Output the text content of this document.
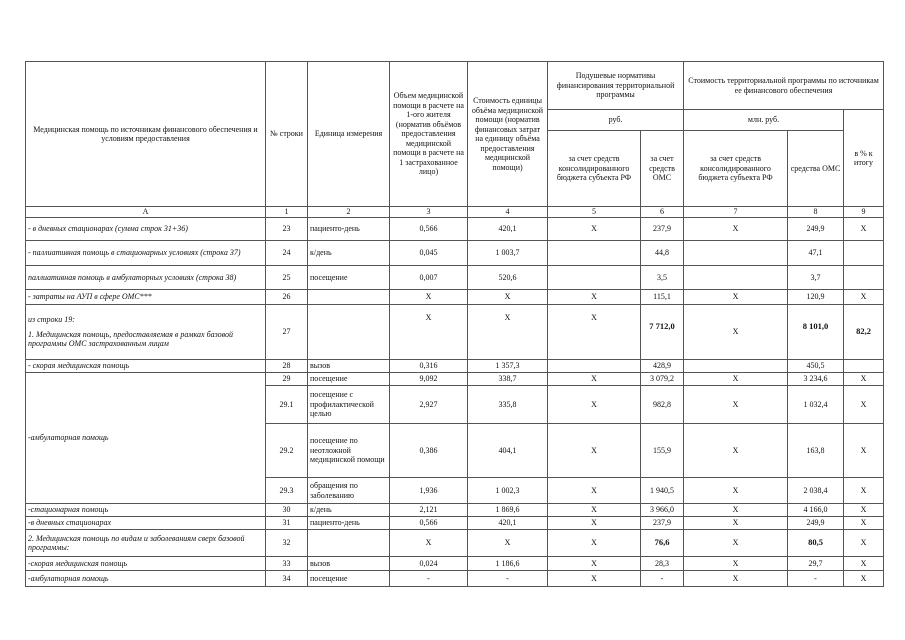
Медицинская помощь по источникам финансового обеспечения и условиям предоставления	№ строки	Единица измерения	Объем медицинской помощи в расчете на 1-ого жителя (норматив объёмов предоставления медицинской помощи в расчете на 1 застрахованное лицо)	Стоимость единицы объёма медицинской помощи (норматив финансовых затрат на единицу объёма предоставления медицинской помощи)	Подушевые нормативы финансирования территориальной программы		Стоимость территориальной программы по источникам ее финансового обеспечения		
					руб.		млн. руб.		в % к итогу
					за счет средств консолидированного бюджета субъекта РФ	за счет средств ОМС	за счет средств консолидированного бюджета субъекта РФ	средства ОМС	
А	1	2	3	4	5	6	7	8	9
- в дневных стационарах (сумма строк 31+36)	23	пациенто-день	0,566	420,1	Х	237,9	Х	249,9	Х
- паллиативная помощь в стационарных условиях (строка 37)	24	к/день	0,045	1 003,7		44,8		47,1	
паллиативная помощь в амбулаторных условиях (строка 38)	25	посещение	0,007	520,6		3,5		3,7	
- затраты на АУП в сфере ОМС***	26		Х	Х	Х	115,1	Х	120,9	Х

из строки 19:
1. Медицинская помощь, предоставляемая в рамках базовой программы ОМС застрахованным лицам	27		Х	Х	Х	7 712,0	Х	8 101,0	82,2
- скорая медицинская помощь	28	вызов	0,316	1 357,3		428,9		450,5	
-амбулаторная помощь	29	посещение	9,092	338,7	Х	3 079,2	Х	3 234,6	Х
	29.1	посещение с профилактической целью	2,927	335,8	Х	982,8	Х	1 032,4	Х
	29.2	посещение по неотложной медицинской помощи	0,386	404,1	Х	155,9	Х	163,8	Х
	29.3	обращения по заболеванию	1,936	1 002,3	Х	1 940,5	Х	2 038,4	Х
-стационарная помощь	30	к/день	2,121	1 869,6	Х	3 966,0	Х	4 166,0	Х
-в дневных стационарах	31	пациенто-день	0,566	420,1	Х	237,9	Х	249,9	Х
2. Медицинская помощь по видам и заболеваниям сверх базовой программы:	32		Х	Х	Х	76,6	Х	80,5	Х
-скорая медицинская помощь	33	вызов	0,024	1 186,6	Х	28,3	Х	29,7	Х
-амбулаторная помощь	34	посещение	-	-	Х	-	Х	-	Х
